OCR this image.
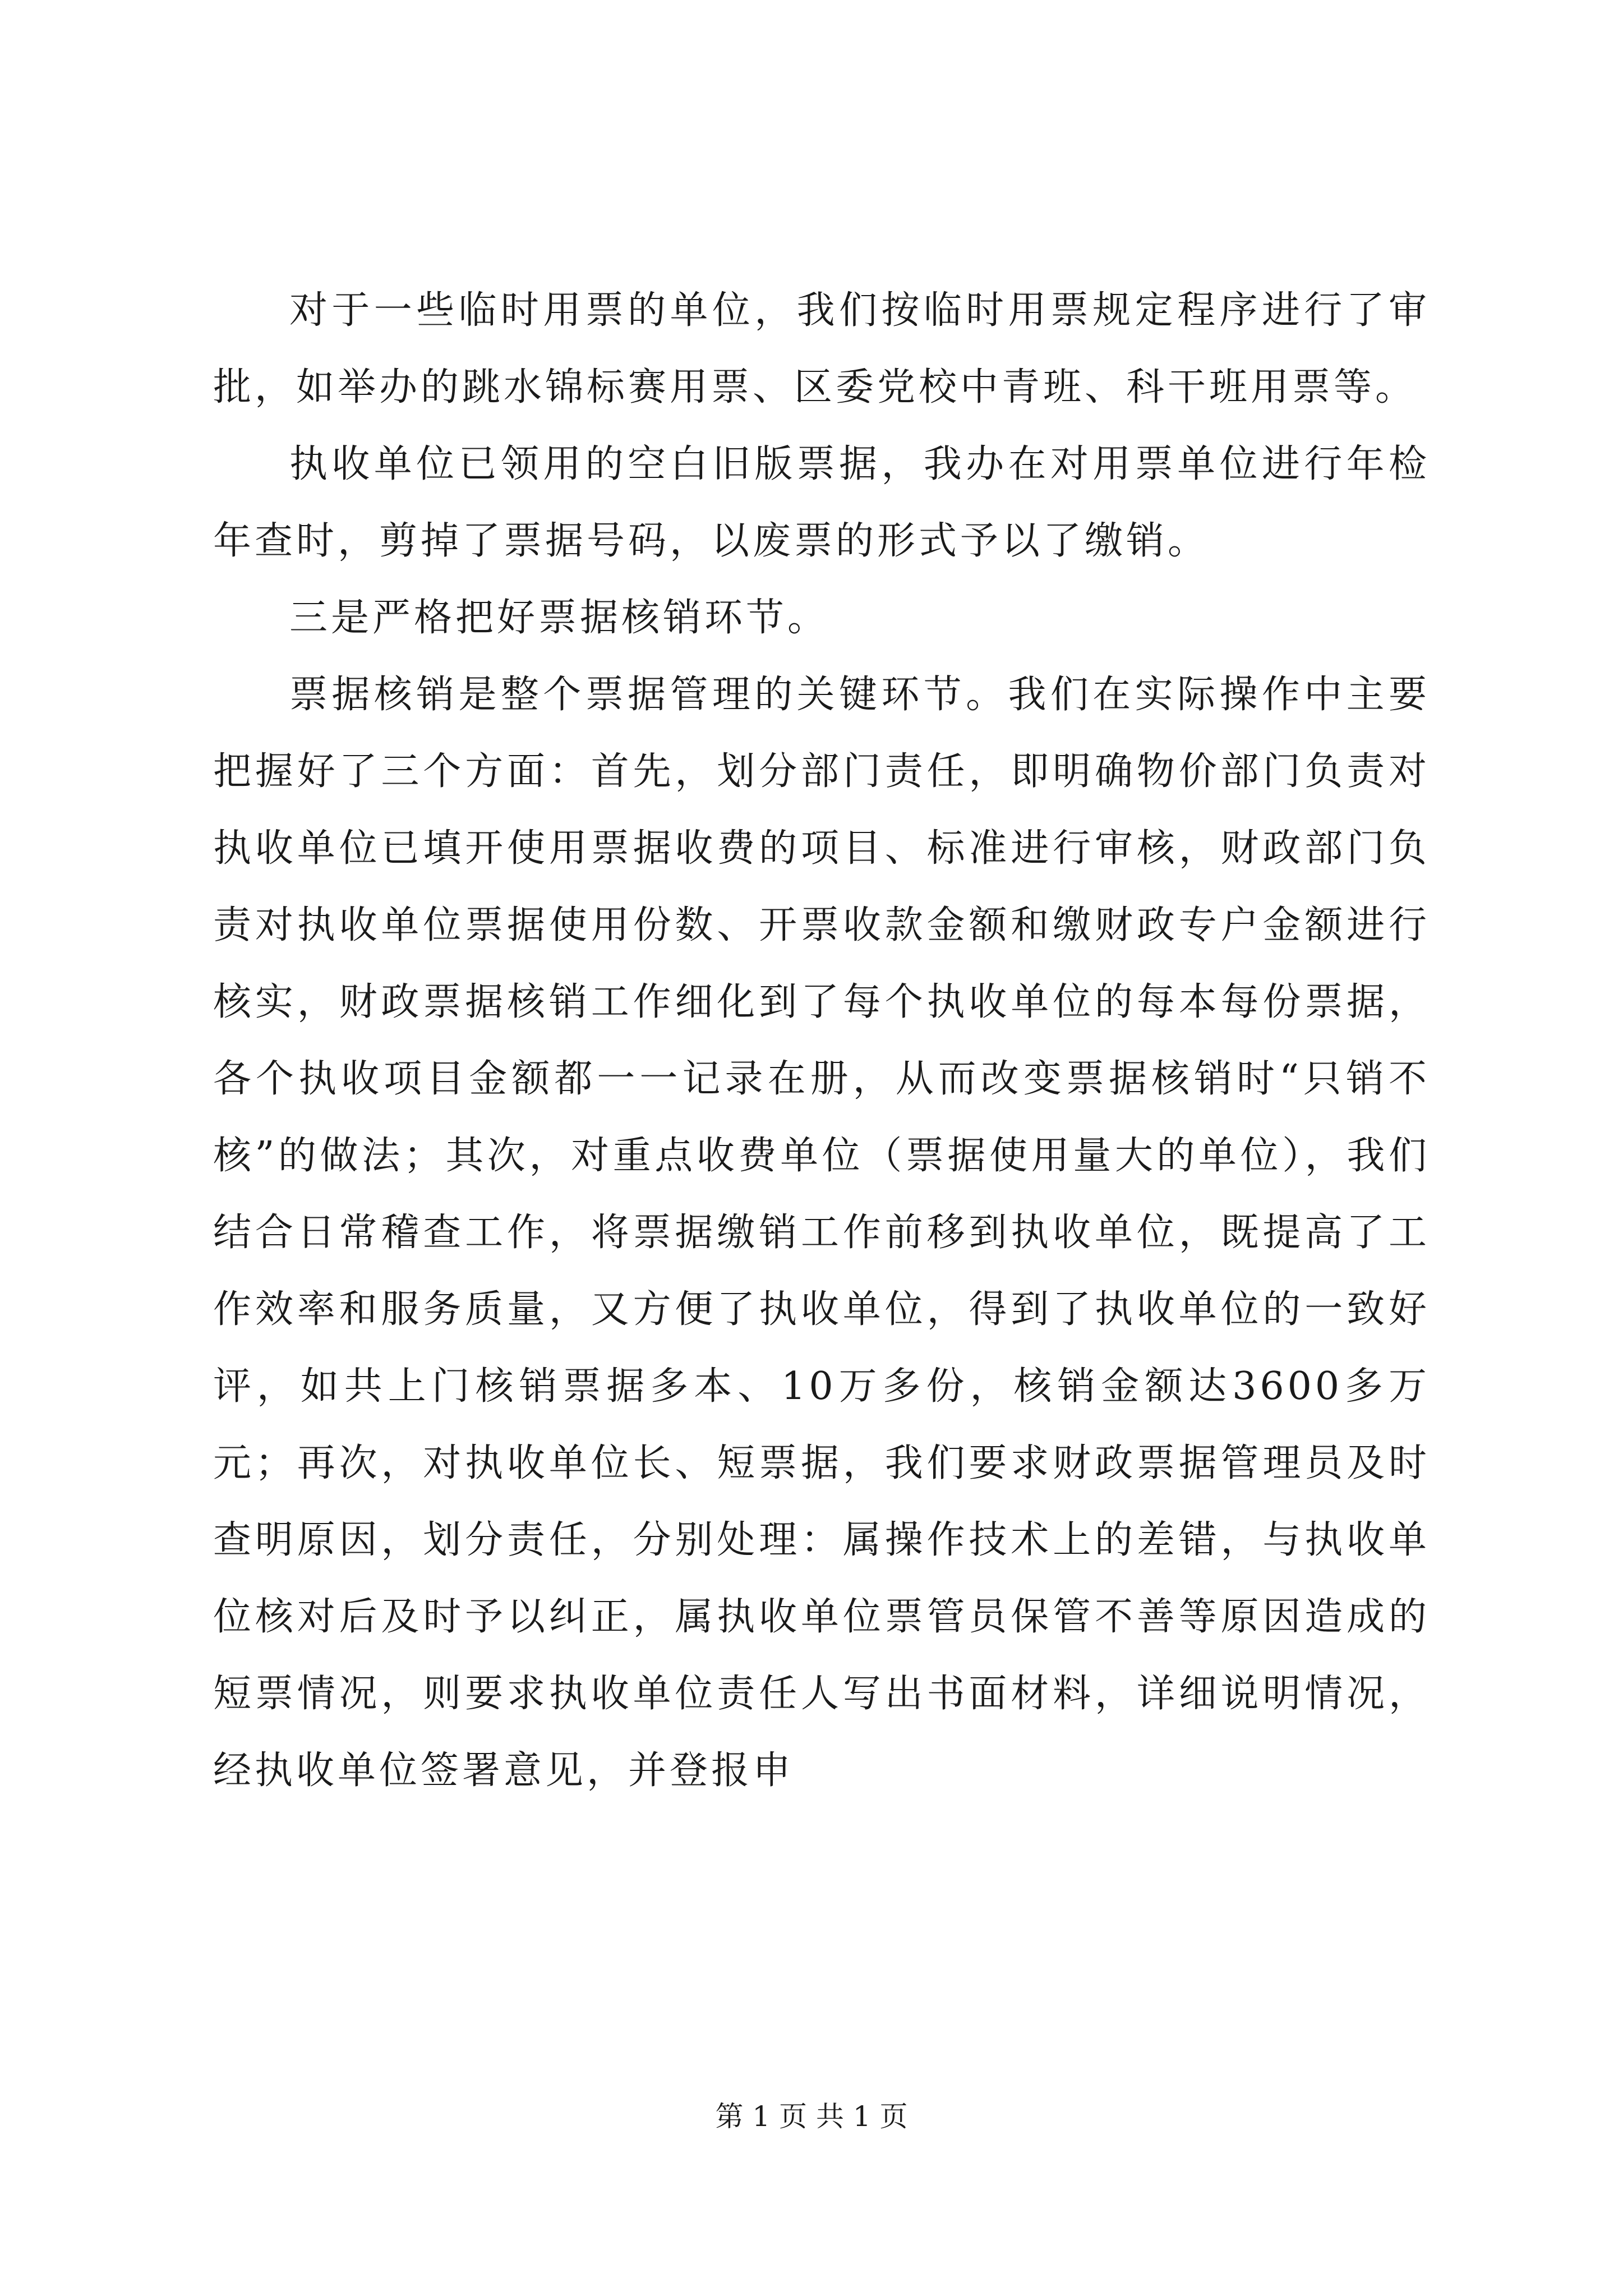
对于一些临时用票的单位，我们按临时用票规定程序进行了审批，如举办的跳水锦标赛用票、区委党校中青班、科干班用票等。

执收单位已领用的空白旧版票据，我办在对用票单位进行年检年查时，剪掉了票据号码，以废票的形式予以了缴销。

三是严格把好票据核销环节。

票据核销是整个票据管理的关键环节。我们在实际操作中主要把握好了三个方面：首先，划分部门责任，即明确物价部门负责对执收单位已填开使用票据收费的项目、标准进行审核，财政部门负责对执收单位票据使用份数、开票收款金额和缴财政专户金额进行核实，财政票据核销工作细化到了每个执收单位的每本每份票据，各个执收项目金额都一一记录在册，从而改变票据核销时“只销不核”的做法；其次，对重点收费单位（票据使用量大的单位），我们结合日常稽查工作，将票据缴销工作前移到执收单位，既提高了工作效率和服务质量，又方便了执收单位，得到了执收单位的一致好评，如共上门核销票据多本、10万多份，核销金额达3600多万元；再次，对执收单位长、短票据，我们要求财政票据管理员及时查明原因，划分责任，分别处理：属操作技术上的差错，与执收单位核对后及时予以纠正，属执收单位票管员保管不善等原因造成的短票情况，则要求执收单位责任人写出书面材料，详细说明情况，经执收单位签署意见，并登报申

第 1 页 共 1 页
